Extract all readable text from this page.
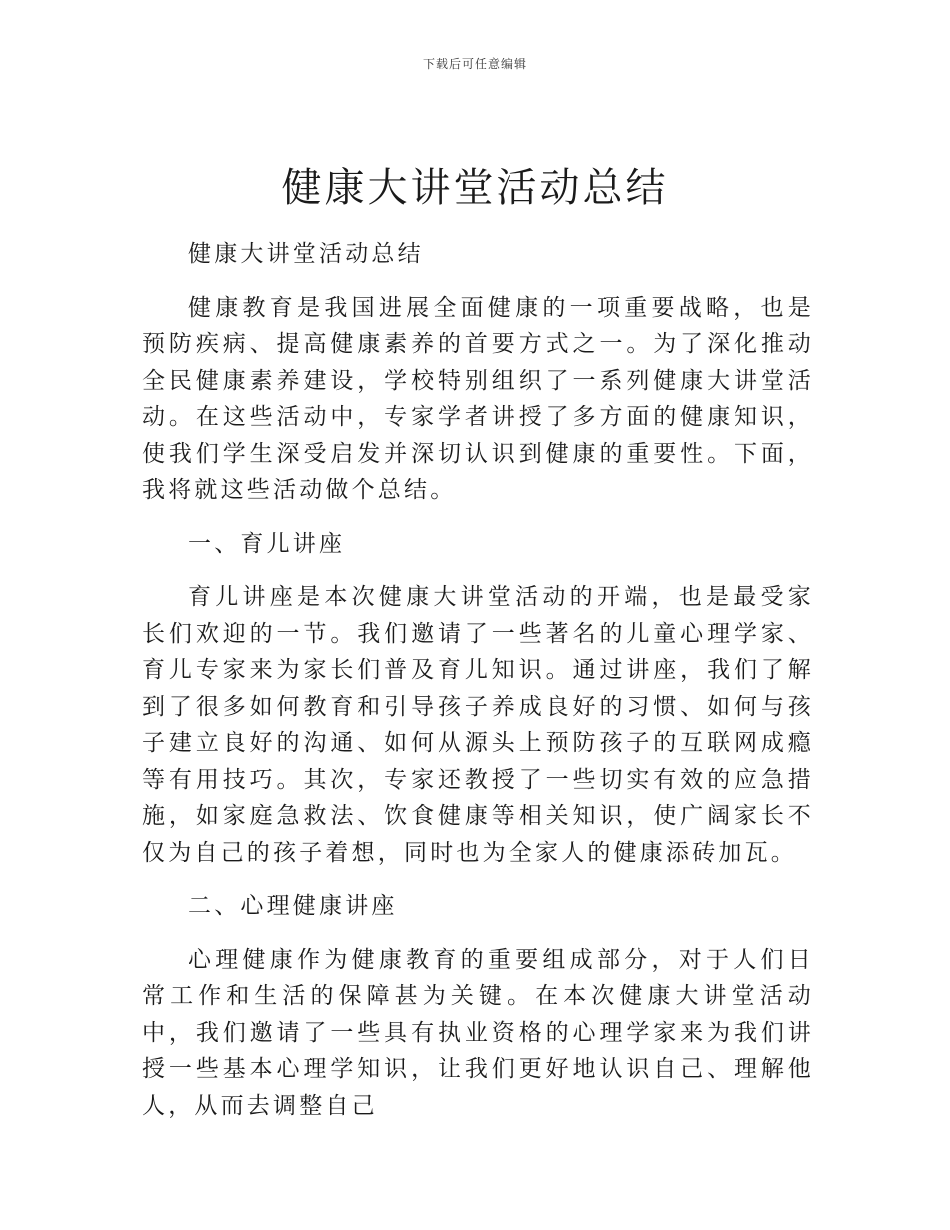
下载后可任意编辑
健康大讲堂活动总结
健康大讲堂活动总结

健康教育是我国进展全面健康的一项重要战略，也是预防疾病、提高健康素养的首要方式之一。为了深化推动全民健康素养建设，学校特别组织了一系列健康大讲堂活动。在这些活动中，专家学者讲授了多方面的健康知识，使我们学生深受启发并深切认识到健康的重要性。下面，我将就这些活动做个总结。

一、育儿讲座

育儿讲座是本次健康大讲堂活动的开端，也是最受家长们欢迎的一节。我们邀请了一些著名的儿童心理学家、育儿专家来为家长们普及育儿知识。通过讲座，我们了解到了很多如何教育和引导孩子养成良好的习惯、如何与孩子建立良好的沟通、如何从源头上预防孩子的互联网成瘾等有用技巧。其次，专家还教授了一些切实有效的应急措施，如家庭急救法、饮食健康等相关知识，使广阔家长不仅为自己的孩子着想，同时也为全家人的健康添砖加瓦。

二、心理健康讲座

心理健康作为健康教育的重要组成部分，对于人们日常工作和生活的保障甚为关键。在本次健康大讲堂活动中，我们邀请了一些具有执业资格的心理学家来为我们讲授一些基本心理学知识，让我们更好地认识自己、理解他人，从而去调整自己
